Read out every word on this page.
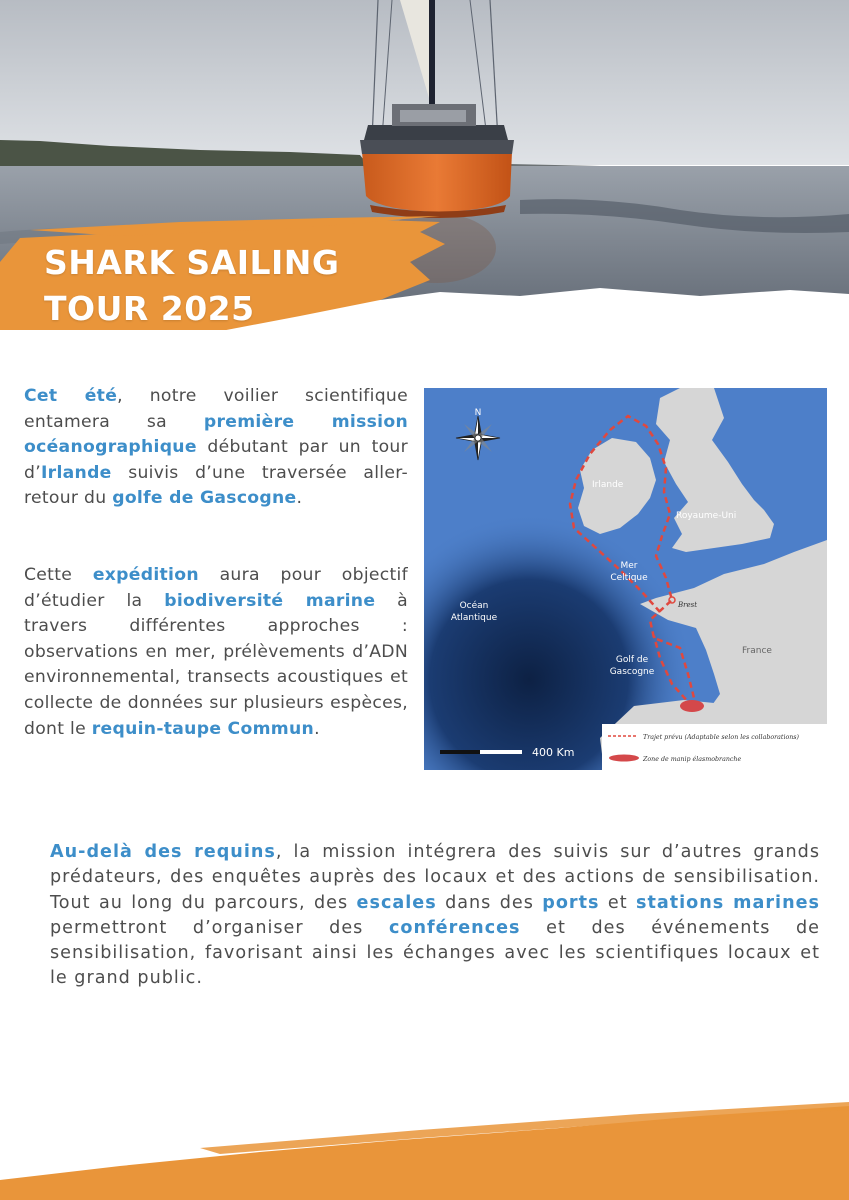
SHARK SAILING
TOUR 2025

Cet été, notre voilier scientifique entamera sa première mission océanographique débutant par un tour d’Irlande suivis d’une traversée aller-retour du golfe de Gascogne.

Cette expédition aura pour objectif d’étudier la biodiversité marine à travers différentes approches : observations en mer, prélèvements d’ADN environnemental, transects acoustiques et collecte de données sur plusieurs espèces, dont le requin-taupe Commun.

N
Irlande
Royaume-Uni
Mer
Celtique
Océan
Atlantique
Golf de
Gascogne
France
Brest
Trajet prévu (Adaptable selon les collaborations)
Zone de manip élasmobranche
400 Km

Au-delà des requins, la mission intégrera des suivis sur d’autres grands prédateurs, des enquêtes auprès des locaux et des actions de sensibilisation. Tout au long du parcours, des escales dans des ports et stations marines permettront d’organiser des conférences et des événements de sensibilisation, favorisant ainsi les échanges avec les scientifiques locaux et le grand public.
